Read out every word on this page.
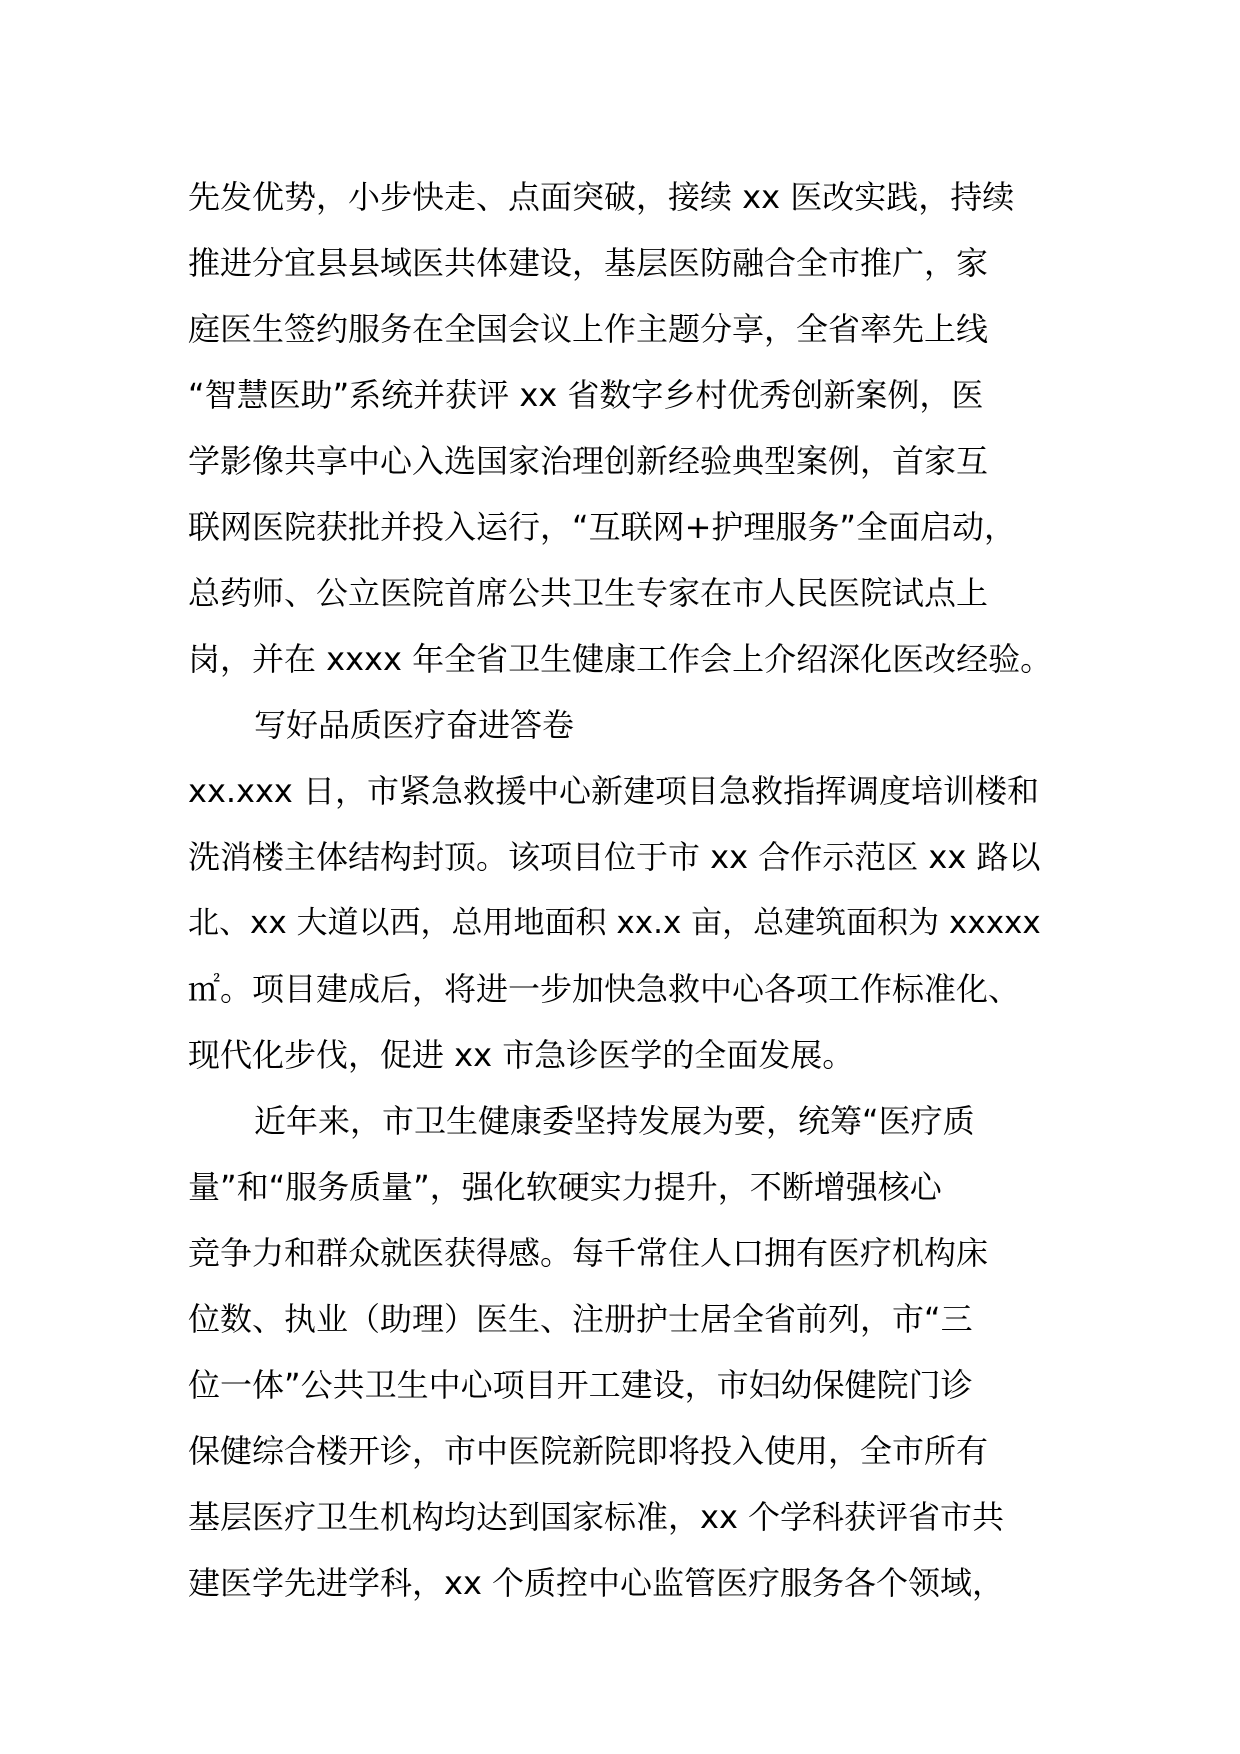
先发优势，小步快走、点面突破，接续 xx 医改实践，持续
推进分宜县县域医共体建设，基层医防融合全市推广，家
庭医生签约服务在全国会议上作主题分享，全省率先上线
“智慧医助”系统并获评 xx 省数字乡村优秀创新案例，医
学影像共享中心入选国家治理创新经验典型案例，首家互
联网医院获批并投入运行，“互联网+护理服务”全面启动，
总药师、公立医院首席公共卫生专家在市人民医院试点上
岗，并在 xxxx 年全省卫生健康工作会上介绍深化医改经验。
写好品质医疗奋进答卷
xx.xxx 日，市紧急救援中心新建项目急救指挥调度培训楼和
洗消楼主体结构封顶。该项目位于市 xx 合作示范区 xx 路以
北、xx 大道以西，总用地面积 xx.x 亩，总建筑面积为 xxxxx
㎡。项目建成后，将进一步加快急救中心各项工作标准化、
现代化步伐，促进 xx 市急诊医学的全面发展。
近年来，市卫生健康委坚持发展为要，统筹“医疗质
量”和“服务质量”，强化软硬实力提升，不断增强核心
竞争力和群众就医获得感。每千常住人口拥有医疗机构床
位数、执业（助理）医生、注册护士居全省前列，市“三
位一体”公共卫生中心项目开工建设，市妇幼保健院门诊
保健综合楼开诊，市中医院新院即将投入使用，全市所有
基层医疗卫生机构均达到国家标准，xx 个学科获评省市共
建医学先进学科，xx 个质控中心监管医疗服务各个领域，
